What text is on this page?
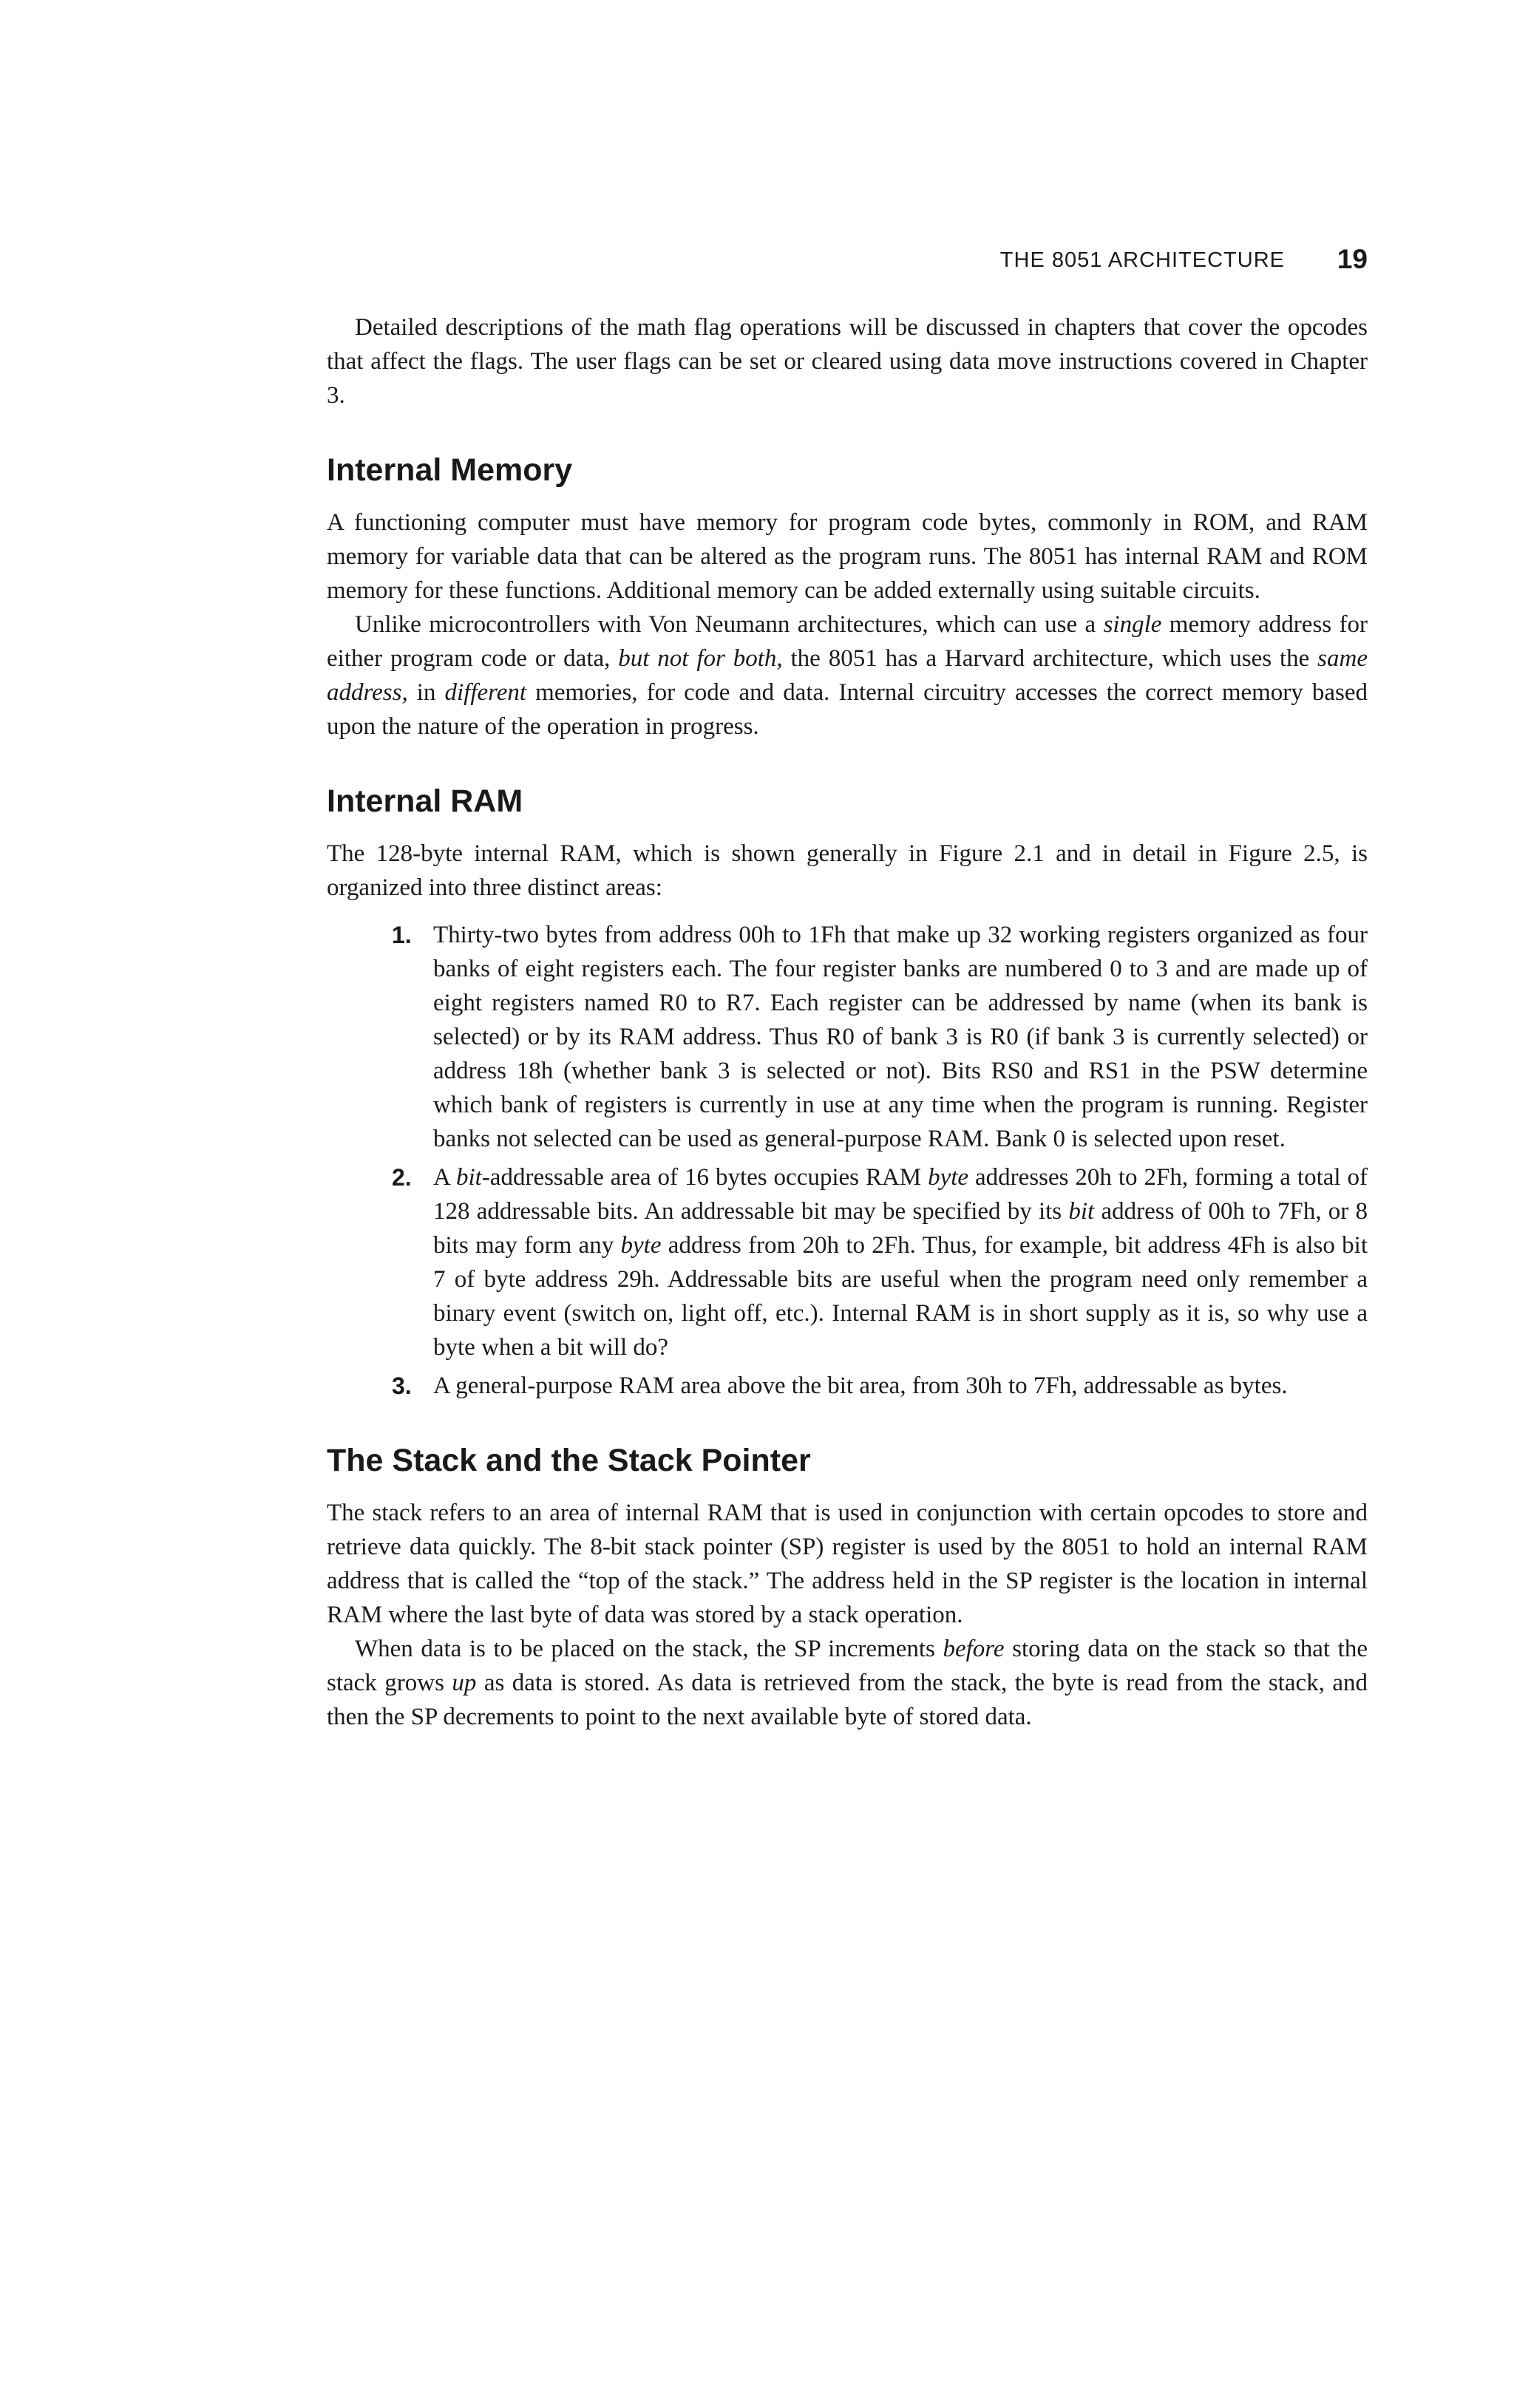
THE 8051 ARCHITECTURE 19

Detailed descriptions of the math flag operations will be discussed in chapters that cover the opcodes that affect the flags. The user flags can be set or cleared using data move instructions covered in Chapter 3.

Internal Memory

A functioning computer must have memory for program code bytes, commonly in ROM, and RAM memory for variable data that can be altered as the program runs. The 8051 has internal RAM and ROM memory for these functions. Additional memory can be added externally using suitable circuits.

Unlike microcontrollers with Von Neumann architectures, which can use a single memory address for either program code or data, but not for both, the 8051 has a Harvard architecture, which uses the same address, in different memories, for code and data. Internal circuitry accesses the correct memory based upon the nature of the operation in progress.

Internal RAM

The 128-byte internal RAM, which is shown generally in Figure 2.1 and in detail in Figure 2.5, is organized into three distinct areas:

1. Thirty-two bytes from address 00h to 1Fh that make up 32 working registers organized as four banks of eight registers each. The four register banks are numbered 0 to 3 and are made up of eight registers named R0 to R7. Each register can be addressed by name (when its bank is selected) or by its RAM address. Thus R0 of bank 3 is R0 (if bank 3 is currently selected) or address 18h (whether bank 3 is selected or not). Bits RS0 and RS1 in the PSW determine which bank of registers is currently in use at any time when the program is running. Register banks not selected can be used as general-purpose RAM. Bank 0 is selected upon reset.

2. A bit-addressable area of 16 bytes occupies RAM byte addresses 20h to 2Fh, forming a total of 128 addressable bits. An addressable bit may be specified by its bit address of 00h to 7Fh, or 8 bits may form any byte address from 20h to 2Fh. Thus, for example, bit address 4Fh is also bit 7 of byte address 29h. Addressable bits are useful when the program need only remember a binary event (switch on, light off, etc.). Internal RAM is in short supply as it is, so why use a byte when a bit will do?

3. A general-purpose RAM area above the bit area, from 30h to 7Fh, addressable as bytes.

The Stack and the Stack Pointer

The stack refers to an area of internal RAM that is used in conjunction with certain opcodes to store and retrieve data quickly. The 8-bit stack pointer (SP) register is used by the 8051 to hold an internal RAM address that is called the “top of the stack.” The address held in the SP register is the location in internal RAM where the last byte of data was stored by a stack operation.

When data is to be placed on the stack, the SP increments before storing data on the stack so that the stack grows up as data is stored. As data is retrieved from the stack, the byte is read from the stack, and then the SP decrements to point to the next available byte of stored data.
